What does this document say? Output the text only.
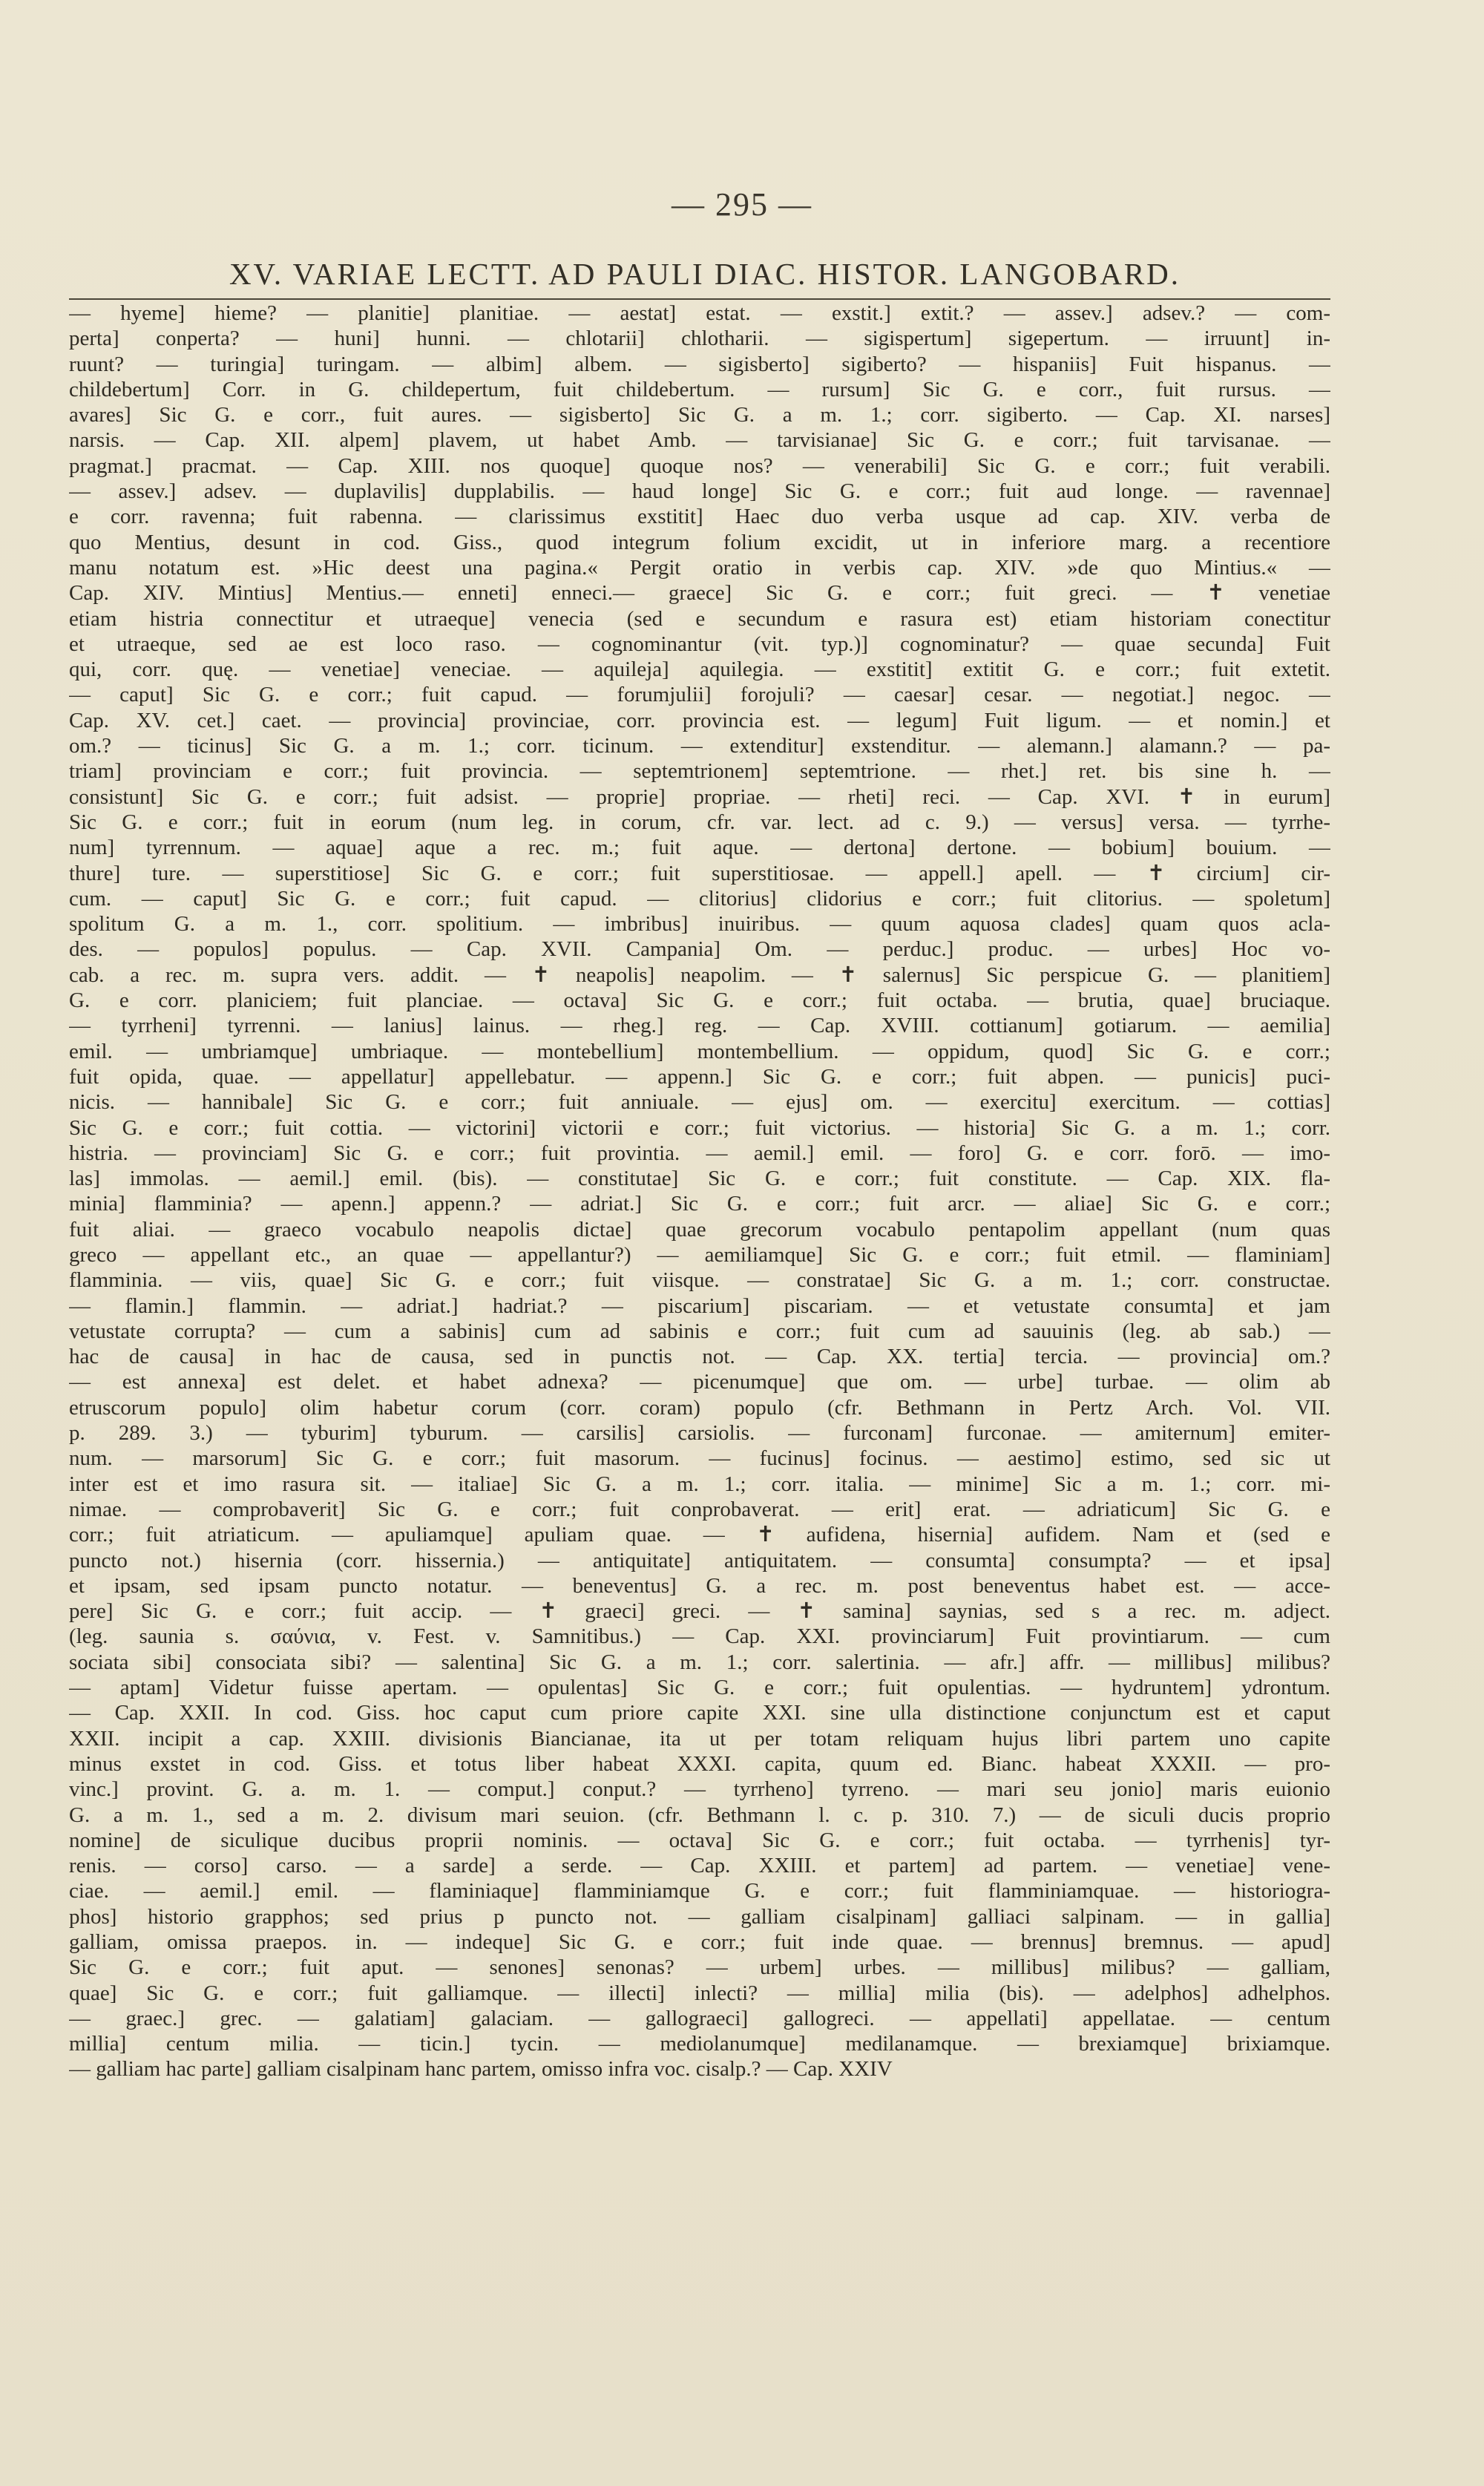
— 295 —
XV. VARIAE LECTT. AD PAULI DIAC. HISTOR. LANGOBARD.
— hyeme] hieme? — planitie] planitiae. — aestat] estat. — exstit.] extit.? — assev.] adsev.? — com-
perta] conperta? — huni] hunni. — chlotarii] chlotharii. — sigispertum] sigepertum. — irruunt] in-
ruunt? — turingia] turingam. — albim] albem. — sigisberto] sigiberto? — hispaniis] Fuit hispanus. —
childebertum] Corr. in G. childepertum, fuit childebertum. — rursum] Sic G. e corr., fuit rursus. —
avares] Sic G. e corr., fuit aures. — sigisberto] Sic G. a m. 1.; corr. sigiberto. — Cap. XI. narses]
narsis. — Cap. XII. alpem] plavem, ut habet Amb. — tarvisianae] Sic G. e corr.; fuit tarvisanae. —
pragmat.] pracmat. — Cap. XIII. nos quoque] quoque nos? — venerabili] Sic G. e corr.; fuit verabili.
— assev.] adsev. — duplavilis] dupplabilis. — haud longe] Sic G. e corr.; fuit aud longe. — ravennae]
e corr. ravenna; fuit rabenna. — clarissimus exstitit] Haec duo verba usque ad cap. XIV. verba de
quo Mentius, desunt in cod. Giss., quod integrum folium excidit, ut in inferiore marg. a recentiore
manu notatum est. »Hic deest una pagina.« Pergit oratio in verbis cap. XIV. »de quo Mintius.« —
Cap. XIV. Mintius] Mentius.— enneti] enneci.— graece] Sic G. e corr.; fuit greci. — ✝ venetiae
etiam histria connectitur et utraeque] venecia (sed e secundum e rasura est) etiam historiam conectitur
et utraeque, sed ae est loco raso. — cognominantur (vit. typ.)] cognominatur? — quae secunda] Fuit
qui, corr. quę. — venetiae] veneciae. — aquileja] aquilegia. — exstitit] extitit G. e corr.; fuit extetit.
— caput] Sic G. e corr.; fuit capud. — forumjulii] forojuli? — caesar] cesar. — negotiat.] negoc. —
Cap. XV. cet.] caet. — provincia] provinciae, corr. provincia est. — legum] Fuit ligum. — et nomin.] et
om.? — ticinus] Sic G. a m. 1.; corr. ticinum. — extenditur] exstenditur. — alemann.] alamann.? — pa-
triam] provinciam e corr.; fuit provincia. — septemtrionem] septemtrione. — rhet.] ret. bis sine h. —
consistunt] Sic G. e corr.; fuit adsist. — proprie] propriae. — rheti] reci. — Cap. XVI. ✝ in eurum]
Sic G. e corr.; fuit in eorum (num leg. in corum, cfr. var. lect. ad c. 9.) — versus] versa. — tyrrhe-
num] tyrrennum. — aquae] aque a rec. m.; fuit aque. — dertona] dertone. — bobium] bouium. —
thure] ture. — superstitiose] Sic G. e corr.; fuit superstitiosae. — appell.] apell. — ✝ circium] cir-
cum. — caput] Sic G. e corr.; fuit capud. — clitorius] clidorius e corr.; fuit clitorius. — spoletum]
spolitum G. a m. 1., corr. spolitium. — imbribus] inuiribus. — quum aquosa clades] quam quos acla-
des. — populos] populus. — Cap. XVII. Campania] Om. — perduc.] produc. — urbes] Hoc vo-
cab. a rec. m. supra vers. addit. — ✝ neapolis] neapolim. — ✝ salernus] Sic perspicue G. — planitiem]
G. e corr. planiciem; fuit planciae. — octava] Sic G. e corr.; fuit octaba. — brutia, quae] bruciaque.
— tyrrheni] tyrrenni. — lanius] lainus. — rheg.] reg. — Cap. XVIII. cottianum] gotiarum. — aemilia]
emil. — umbriamque] umbriaque. — montebellium] montembellium. — oppidum, quod] Sic G. e corr.;
fuit opida, quae. — appellatur] appellebatur. — appenn.] Sic G. e corr.; fuit abpen. — punicis] puci-
nicis. — hannibale] Sic G. e corr.; fuit anniuale. — ejus] om. — exercitu] exercitum. — cottias]
Sic G. e corr.; fuit cottia. — victorini] victorii e corr.; fuit victorius. — historia] Sic G. a m. 1.; corr.
histria. — provinciam] Sic G. e corr.; fuit provintia. — aemil.] emil. — foro] G. e corr. forō. — imo-
las] immolas. — aemil.] emil. (bis). — constitutae] Sic G. e corr.; fuit constitute. — Cap. XIX. fla-
minia] flamminia? — apenn.] appenn.? — adriat.] Sic G. e corr.; fuit arcr. — aliae] Sic G. e corr.;
fuit aliai. — graeco vocabulo neapolis dictae] quae grecorum vocabulo pentapolim appellant (num quas
greco — appellant etc., an quae — appellantur?) — aemiliamque] Sic G. e corr.; fuit etmil. — flaminiam]
flamminia. — viis, quae] Sic G. e corr.; fuit viisque. — constratae] Sic G. a m. 1.; corr. constructae.
— flamin.] flammin. — adriat.] hadriat.? — piscarium] piscariam. — et vetustate consumta] et jam
vetustate corrupta? — cum a sabinis] cum ad sabinis e corr.; fuit cum ad sauuinis (leg. ab sab.) —
hac de causa] in hac de causa, sed in punctis not. — Cap. XX. tertia] tercia. — provincia] om.?
— est annexa] est delet. et habet adnexa? — picenumque] que om. — urbe] turbae. — olim ab
etruscorum populo] olim habetur corum (corr. coram) populo (cfr. Bethmann in Pertz Arch. Vol. VII.
p. 289. 3.) — tyburim] tyburum. — carsilis] carsiolis. — furconam] furconae. — amiternum] emiter-
num. — marsorum] Sic G. e corr.; fuit masorum. — fucinus] focinus. — aestimo] estimo, sed sic ut
inter est et imo rasura sit. — italiae] Sic G. a m. 1.; corr. italia. — minime] Sic a m. 1.; corr. mi-
nimae. — comprobaverit] Sic G. e corr.; fuit conprobaverat. — erit] erat. — adriaticum] Sic G. e
corr.; fuit atriaticum. — apuliamque] apuliam quae. — ✝ aufidena, hisernia] aufidem. Nam et (sed e
puncto not.) hisernia (corr. hissernia.) — antiquitate] antiquitatem. — consumta] consumpta? — et ipsa]
et ipsam, sed ipsam puncto notatur. — beneventus] G. a rec. m. post beneventus habet est. — acce-
pere] Sic G. e corr.; fuit accip. — ✝ graeci] greci. — ✝ samina] saynias, sed s a rec. m. adject.
(leg. saunia s. σαύνια, v. Fest. v. Samnitibus.) — Cap. XXI. provinciarum] Fuit provintiarum. — cum
sociata sibi] consociata sibi? — salentina] Sic G. a m. 1.; corr. salertinia. — afr.] affr. — millibus] milibus?
— aptam] Videtur fuisse apertam. — opulentas] Sic G. e corr.; fuit opulentias. — hydruntem] ydrontum.
— Cap. XXII. In cod. Giss. hoc caput cum priore capite XXI. sine ulla distinctione conjunctum est et caput
XXII. incipit a cap. XXIII. divisionis Biancianae, ita ut per totam reliquam hujus libri partem uno capite
minus exstet in cod. Giss. et totus liber habeat XXXI. capita, quum ed. Bianc. habeat XXXII. — pro-
vinc.] provint. G. a. m. 1. — comput.] conput.? — tyrrheno] tyrreno. — mari seu jonio] maris euionio
G. a m. 1., sed a m. 2. divisum mari seuion. (cfr. Bethmann l. c. p. 310. 7.) — de siculi ducis proprio
nomine] de siculique ducibus proprii nominis. — octava] Sic G. e corr.; fuit octaba. — tyrrhenis] tyr-
renis. — corso] carso. — a sarde] a serde. — Cap. XXIII. et partem] ad partem. — venetiae] vene-
ciae. — aemil.] emil. — flaminiaque] flamminiamque G. e corr.; fuit flamminiamquae. — historiogra-
phos] historio grapphos; sed prius p puncto not. — galliam cisalpinam] galliaci salpinam. — in gallia]
galliam, omissa praepos. in. — indeque] Sic G. e corr.; fuit inde quae. — brennus] bremnus. — apud]
Sic G. e corr.; fuit aput. — senones] senonas? — urbem] urbes. — millibus] milibus? — galliam,
quae] Sic G. e corr.; fuit galliamque. — illecti] inlecti? — millia] milia (bis). — adelphos] adhelphos.
— graec.] grec. — galatiam] galaciam. — gallograeci] gallogreci. — appellati] appellatae. — centum
millia] centum milia. — ticin.] tycin. — mediolanumque] medilanamque. — brexiamque] brixiamque.
— galliam hac parte] galliam cisalpinam hanc partem, omisso infra voc. cisalp.? — Cap. XXIV
